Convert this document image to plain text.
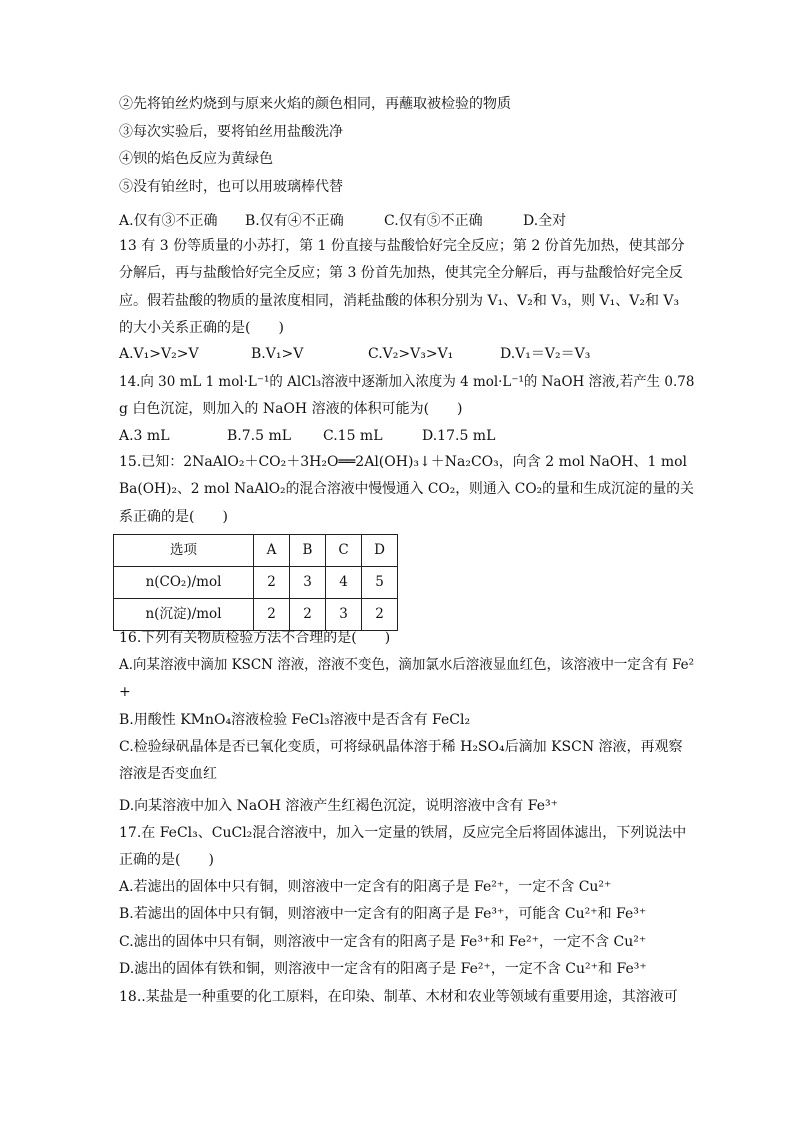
②先将铂丝灼烧到与原来火焰的颜色相同，再蘸取被检验的物质
③每次实验后，要将铂丝用盐酸洗净
④钡的焰色反应为黄绿色
⑤没有铂丝时，也可以用玻璃棒代替
A.仅有③不正确 B.仅有④不正确	C.仅有⑤不正确	D.全对
13 有 3 份等质量的小苏打，第 1 份直接与盐酸恰好完全反应；第 2 份首先加热，使其部分
分解后，再与盐酸恰好完全反应；第 3 份首先加热，使其完全分解后，再与盐酸恰好完全反
应。假若盐酸的物质的量浓度相同，消耗盐酸的体积分别为 V₁、V₂和 V₃，则 V₁、V₂和 V₃
的大小关系正确的是(　　)
A.V₁>V₂>V	B.V₁>V	C.V₂>V₃>V₁	D.V₁＝V₂＝V₃
14.向 30 mL 1 mol·L⁻¹的 AlCl₃溶液中逐渐加入浓度为 4 mol·L⁻¹的 NaOH 溶液,若产生 0.78
g 白色沉淀，则加入的 NaOH 溶液的体积可能为(　　)
A.3 mL	B.7.5 mL C.15 mL	D.17.5 mL
15.已知：2NaAlO₂＋CO₂＋3H₂O══2Al(OH)₃↓＋Na₂CO₃，向含 2 mol NaOH、1 mol
Ba(OH)₂、2 mol NaAlO₂的混合溶液中慢慢通入 CO₂，则通入 CO₂的量和生成沉淀的量的关
系正确的是(　　)
选项	A	B	C	D
n(CO₂)/mol	2	3	4	5
n(沉淀)/mol	2	2	3	2
16.下列有关物质检验方法不合理的是(　　)
A.向某溶液中滴加 KSCN 溶液，溶液不变色，滴加氯水后溶液显血红色，该溶液中一定含有 Fe²
+
B.用酸性 KMnO₄溶液检验 FeCl₃溶液中是否含有 FeCl₂
C.检验绿矾晶体是否已氧化变质，可将绿矾晶体溶于稀 H₂SO₄后滴加 KSCN 溶液，再观察
溶液是否变血红
D.向某溶液中加入 NaOH 溶液产生红褐色沉淀，说明溶液中含有 Fe³⁺
17.在 FeCl₃、CuCl₂混合溶液中，加入一定量的铁屑，反应完全后将固体滤出，下列说法中
正确的是(　　)
A.若滤出的固体中只有铜，则溶液中一定含有的阳离子是 Fe²⁺，一定不含 Cu²⁺
B.若滤出的固体中只有铜，则溶液中一定含有的阳离子是 Fe³⁺，可能含 Cu²⁺和 Fe³⁺
C.滤出的固体中只有铜，则溶液中一定含有的阳离子是 Fe³⁺和 Fe²⁺，一定不含 Cu²⁺
D.滤出的固体有铁和铜，则溶液中一定含有的阳离子是 Fe²⁺，一定不含 Cu²⁺和 Fe³⁺
18..某盐是一种重要的化工原料，在印染、制革、木材和农业等领域有重要用途，其溶液可
